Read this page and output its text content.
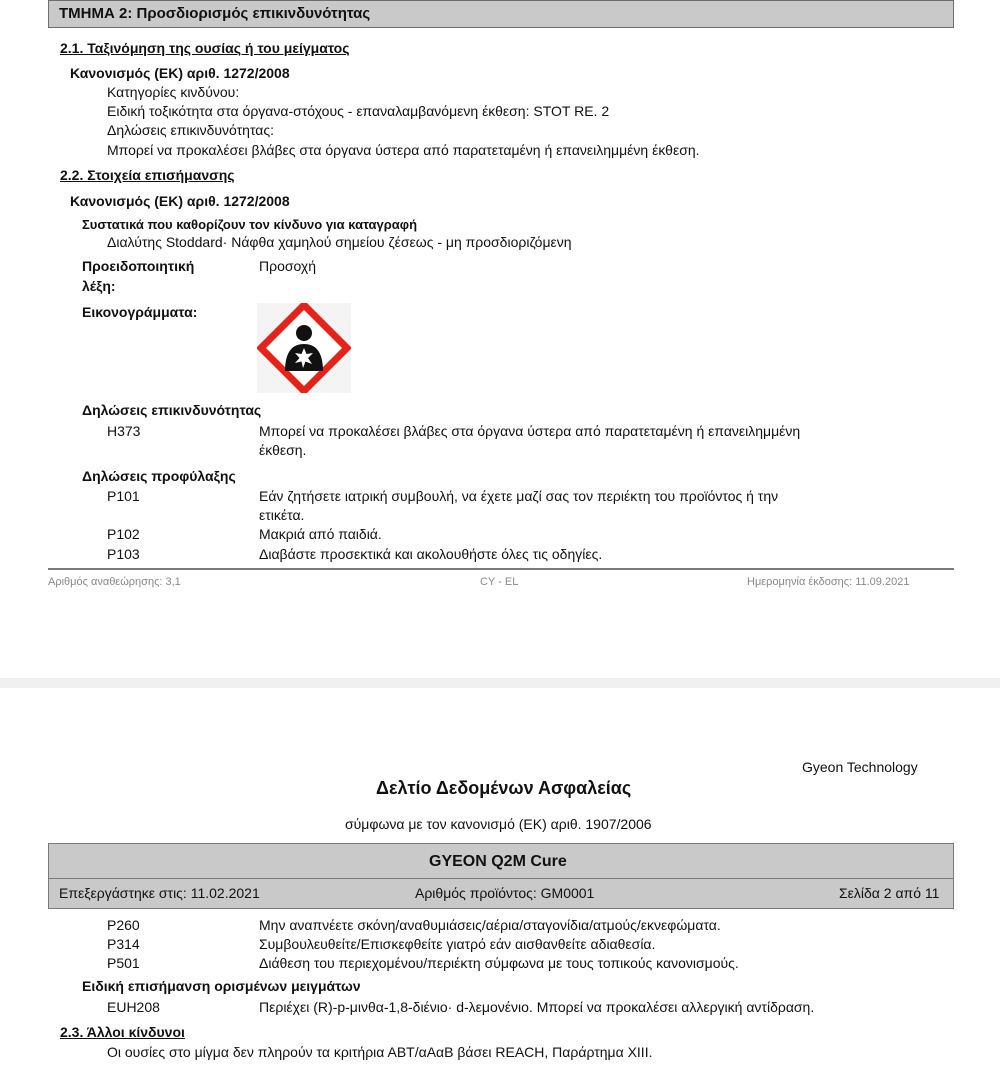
ΤΜΗΜΑ 2: Προσδιορισμός επικινδυνότητας
2.1. Ταξινόμηση της ουσίας ή του μείγματος
Κανονισμός (ΕΚ) αριθ. 1272/2008
Κατηγορίες κινδύνου:
Ειδική τοξικότητα στα όργανα-στόχους - επαναλαμβανόμενη έκθεση: STOT RE. 2
Δηλώσεις επικινδυνότητας:
Μπορεί να προκαλέσει βλάβες στα όργανα ύστερα από παρατεταμένη ή επανειλημμένη έκθεση.
2.2. Στοιχεία επισήμανσης
Κανονισμός (ΕΚ) αριθ. 1272/2008
Συστατικά που καθορίζουν τον κίνδυνο για καταγραφή
Διαλύτης Stoddard· Νάφθα χαμηλού σημείου ζέσεως - μη προσδιοριζόμενη
Προειδοποιητική
λέξη:
Προσοχή
Εικονογράμματα:
Δηλώσεις επικινδυνότητας
H373	Μπορεί να προκαλέσει βλάβες στα όργανα ύστερα από παρατεταμένη ή επανειλημμένη
έκθεση.
Δηλώσεις προφύλαξης
P101	Εάν ζητήσετε ιατρική συμβουλή, να έχετε μαζί σας τον περιέκτη του προϊόντος ή την
ετικέτα.
P102	Μακριά από παιδιά.
P103	Διαβάστε προσεκτικά και ακολουθήστε όλες τις οδηγίες.
Αριθμός αναθεώρησης: 3,1	CY - EL	Ημερομηνία έκδοσης: 11.09.2021
Gyeon Technology
Δελτίο Δεδομένων Ασφαλείας
σύμφωνα με τον κανονισμό (ΕΚ) αριθ. 1907/2006
GYEON Q2M Cure
Επεξεργάστηκε στις: 11.02.2021	Αριθμός προϊόντος: GM0001	Σελίδα 2 από 11
P260	Μην αναπνέετε σκόνη/αναθυμιάσεις/αέρια/σταγονίδια/ατμούς/εκνεφώματα.
P314	Συμβουλευθείτε/Επισκεφθείτε γιατρό εάν αισθανθείτε αδιαθεσία.
P501	Διάθεση του περιεχομένου/περιέκτη σύμφωνα με τους τοπικούς κανονισμούς.
Ειδική επισήμανση ορισμένων μειγμάτων
EUH208	Περιέχει (R)-p-μινθα-1,8-διένιο· d-λεμονένιο. Μπορεί να προκαλέσει αλλεργική αντίδραση.
2.3. Άλλοι κίνδυνοι
Οι ουσίες στο μίγμα δεν πληρούν τα κριτήρια ΑΒΤ/αΑαΒ βάσει REACH, Παράρτημα XIII.
